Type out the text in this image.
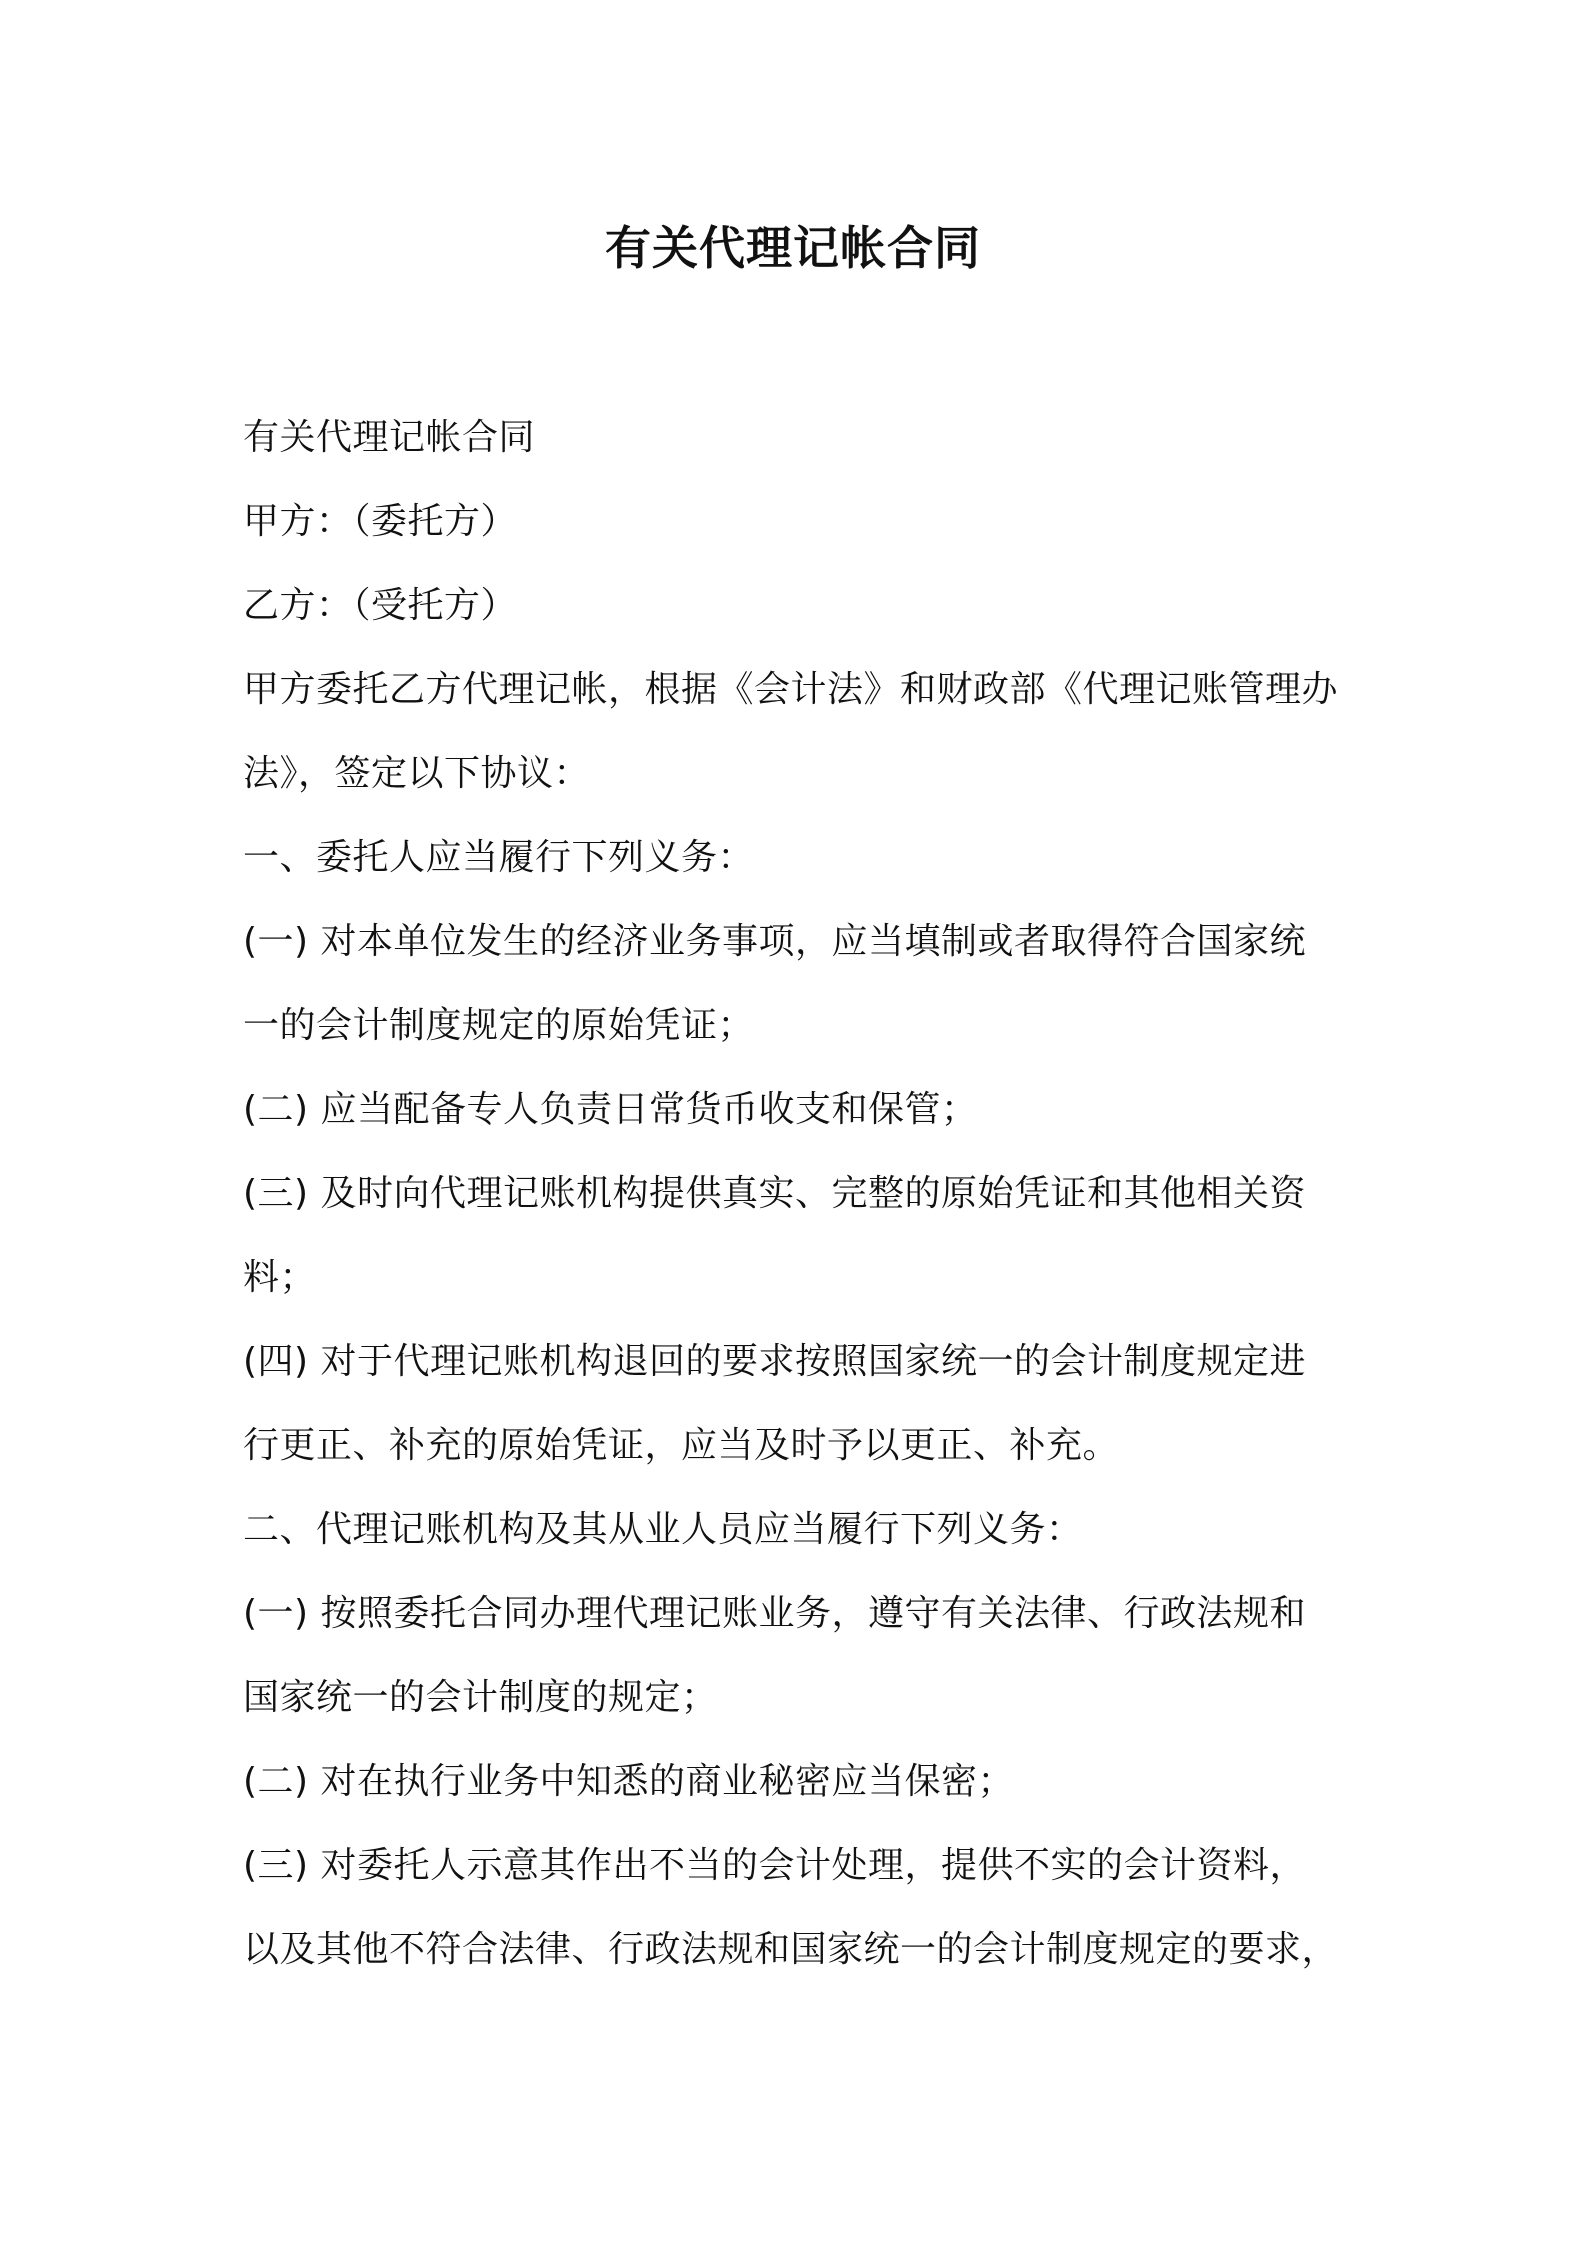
有关代理记帐合同
有关代理记帐合同
甲方：（委托方）
乙方：（受托方）
甲方委托乙方代理记帐，根据《会计法》和财政部《代理记账管理办
法》，签定以下协议：
一、委托人应当履行下列义务：
(一) 对本单位发生的经济业务事项，应当填制或者取得符合国家统
一的会计制度规定的原始凭证；
(二) 应当配备专人负责日常货币收支和保管；
(三) 及时向代理记账机构提供真实、完整的原始凭证和其他相关资
料；
(四) 对于代理记账机构退回的要求按照国家统一的会计制度规定进
行更正、补充的原始凭证，应当及时予以更正、补充。
二、代理记账机构及其从业人员应当履行下列义务：
(一) 按照委托合同办理代理记账业务，遵守有关法律、行政法规和
国家统一的会计制度的规定；
(二) 对在执行业务中知悉的商业秘密应当保密；
(三) 对委托人示意其作出不当的会计处理，提供不实的会计资料，
以及其他不符合法律、行政法规和国家统一的会计制度规定的要求，
